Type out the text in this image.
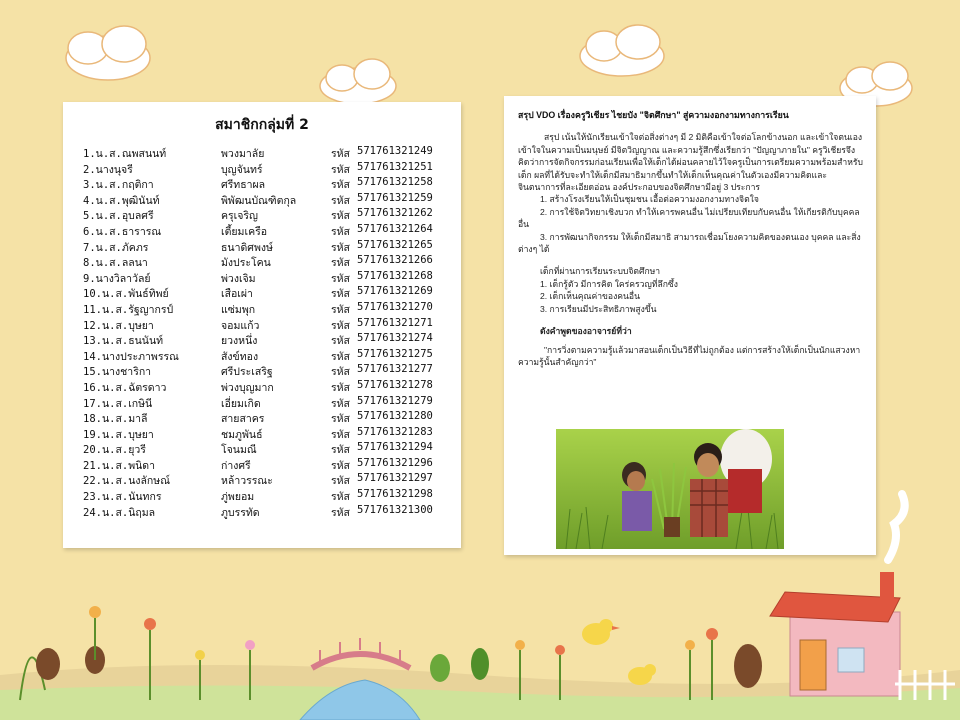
สมาชิกกลุ่มที่ 2
1.น.ส.ณพสนนท์	พวงมาลัย	รหัส 571761321249
2.นางนุจรี	บุญจันทร์	รหัส 571761321251
3.น.ส.กฤติกา	ศรีทธาผล	รหัส 571761321258
4.น.ส.พุฒินันท์	พิพัฒนบัณฑิตกุล	รหัส 571761321259
5.น.ส.อุบลศรี	ครุเจริญ	รหัส 571761321262
6.น.ส.ธารารณ	เตี้ยมเครือ	รหัส 571761321264
7.น.ส.ภัคภร	ธนาดิศพงษ์	รหัส 571761321265
8.น.ส.ลลนา	มังประโคน	รหัส 571761321266
9.นางวิลาวัลย์	พ่วงเจิม	รหัส 571761321268
10.น.ส.พันธ์ทิพย์	เสือเผ่า	รหัส 571761321269
11.น.ส.รัฐญากรป์	แซ่มพุก	รหัส 571761321270
12.น.ส.บุษยา	จอมแก้ว	รหัส 571761321271
13.น.ส.ธนนันท์	ยวงหนึ่ง	รหัส 571761321274
14.นางประภาพรรณ	สังข์ทอง	รหัส 571761321275
15.นางชาริกา	ศรีประเสริฐ	รหัส 571761321277
16.น.ส.ฉัตรดาว	พ่วงบุญมาก	รหัส 571761321278
17.น.ส.เกษินี	เอี่ยมเกิด	รหัส 571761321279
18.น.ส.มาลี	สายสาคร	รหัส 571761321280
19.น.ส.บุษยา	ชมภูพันธ์	รหัส 571761321283
20.น.ส.ยุวรี	โจนมณี	รหัส 571761321294
21.น.ส.พนิดา	ก่างศรี	รหัส 571761321296
22.น.ส.นงลักษณ์	หล้าวรรณะ	รหัส 571761321297
23.น.ส.นันทกร	ภู่พยอม	รหัส 571761321298
24.น.ส.นิฤมล	ภูบรรทัด	รหัส 571761321300

สรุป VDO เรื่องครูวิเชียร ไชยบัง "จิตศึกษา" สู่ความงอกงามทางการเรียน

สรุป เน้นให้นักเรียนเข้าใจต่อสิ่งต่างๆ มี 2 มิติคือเข้าใจต่อโลกข้างนอก และเข้าใจตนเองเข้าใจในความเป็นมนุษย์ มีจิตวิญญาณ และความรู้สึกซึ่งเรียกว่า "ปัญญาภายใน" ครูวิเชียรจึงคิดว่าการจัดกิจกรรมก่อนเรียนเพื่อให้เด็กได้ผ่อนคลายไว้ใจครูเป็นการเตรียมความพร้อมสำหรับเด็ก ผลที่ได้รับจะทำให้เด็กมีสมาธิมากขึ้นทำให้เด็กเห็นคุณค่าในตัวเองมีความคิดและจินตนาการที่ละเอียดอ่อน องค์ประกอบของจิตศึกษามีอยู่ 3 ประการ

1. สร้างโรงเรียนให้เป็นชุมชน เอื้อต่อความงอกงามทางจิตใจ

2. การใช้จิตวิทยาเชิงบวก ทำให้เคารพคนอื่น ไม่เปรียบเทียบกับคนอื่น ให้เกียรติกับบุคคลอื่น

3. การพัฒนากิจกรรม ให้เด็กมีสมาธิ สามารถเชื่อมโยงความคิดของตนเอง บุคคล และสิ่งต่างๆ ได้

เด็กที่ผ่านการเรียนระบบจิตศึกษา

1. เด็กรู้ตัว มีการคิด ใคร่ครวญที่ลึกซึ้ง

2. เด็กเห็นคุณค่าของคนอื่น

3. การเรียนมีประสิทธิภาพสูงขึ้น

ดังคำพูดของอาจารย์ที่ว่า

"การวิ่งตามความรู้แล้วมาสอนเด็กเป็นวิธีที่ไม่ถูกต้อง แต่การสร้างให้เด็กเป็นนักแสวงหาความรู้นั้นสำคัญกว่า"
